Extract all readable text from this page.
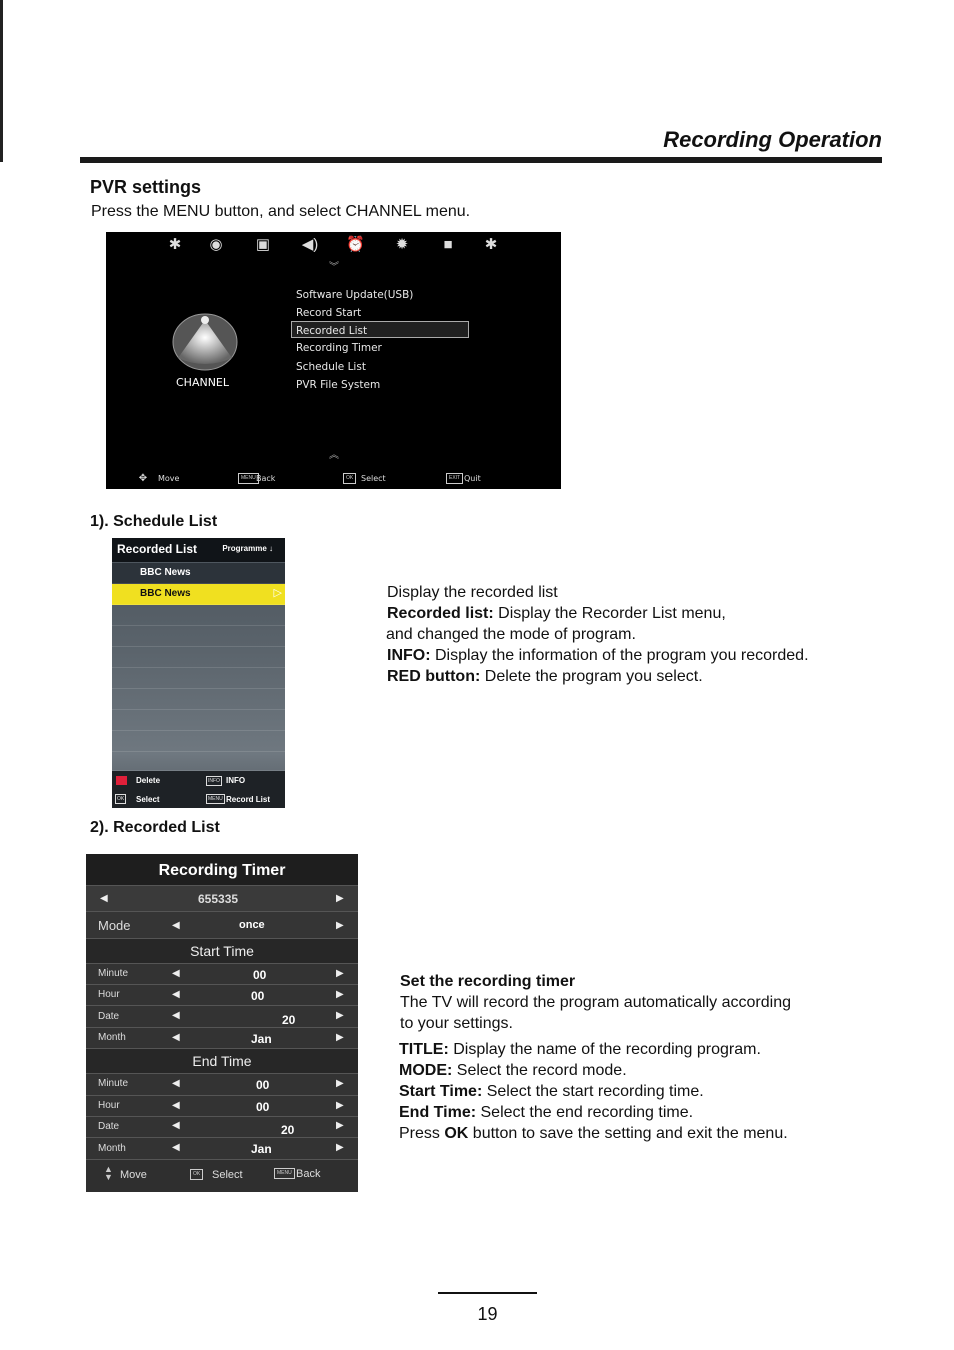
Recording Operation
PVR settings
Press the MENU button, and select CHANNEL menu.
✱ ◉ ▣ ◀) ⏰ ✹ ■ ✱
︾
CHANNEL
Software Update(USB)
Record Start
Recorded List
Recording Timer
Schedule List
PVR File System
︽
✥	Move	MENU Back	OK Select	EXIT Quit
1). Schedule List
Recorded List	Programme ↓
BBC News
BBC News	▷
Delete	INFO INFO
OK Select	MENU Record List
Display the recorded list
Recorded list: Display the Recorder List menu,
and changed the mode of program.
INFO: Display the information of the program you recorded.
RED button: Delete the program you select.
2). Recorded List
Recording Timer
◀	655335	▶
Mode	◀	once	▶
Start Time
Minute	◀	00	▶
Hour	◀	00	▶
Date	◀	20	▶
Month	◀	Jan	▶
End Time
Minute	◀	00	▶
Hour	◀	00	▶
Date	◀	20	▶
Month	◀	Jan	▶
▲
▼ Move	OK Select	MENU Back
Set the recording timer
The TV will record the program automatically according
to your settings.
TITLE: Display the name of the recording program.
MODE: Select the record mode.
Start Time: Select the start recording time.
End Time: Select the end recording time.
Press OK button to save the setting and exit the menu.
19
